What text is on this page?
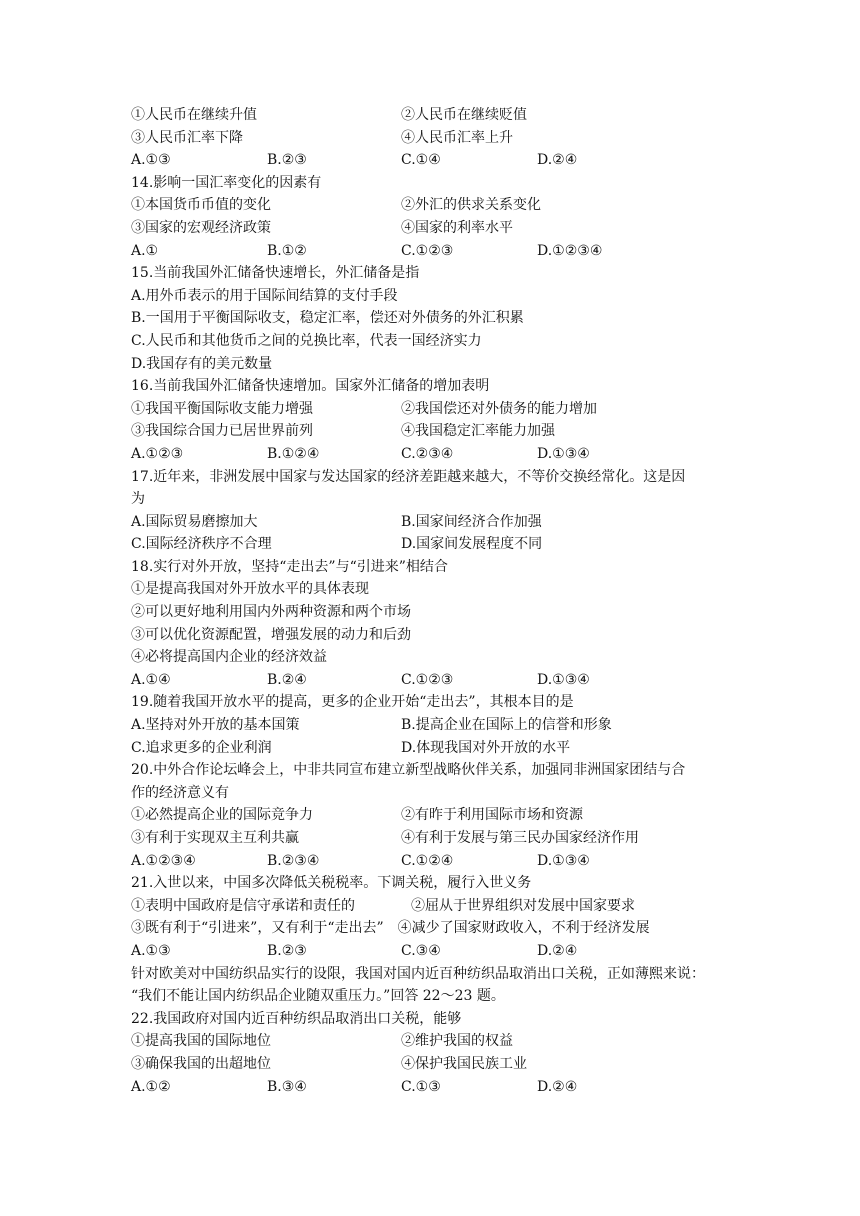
①人民币在继续升值	②人民币在继续贬值
③人民币汇率下降	④人民币汇率上升
A.①③	B.②③	C.①④	D.②④
14.影响一国汇率变化的因素有
①本国货币币值的变化	②外汇的供求关系变化
③国家的宏观经济政策	④国家的利率水平
A.①	B.①②	C.①②③	D.①②③④
15.当前我国外汇储备快速增长，外汇储备是指
A.用外币表示的用于国际间结算的支付手段
B.一国用于平衡国际收支，稳定汇率，偿还对外债务的外汇积累
C.人民币和其他货币之间的兑换比率，代表一国经济实力
D.我国存有的美元数量
16.当前我国外汇储备快速增加。国家外汇储备的增加表明
①我国平衡国际收支能力增强	②我国偿还对外债务的能力增加
③我国综合国力已居世界前列	④我国稳定汇率能力加强
A.①②③	B.①②④	C.②③④	D.①③④
17.近年来，非洲发展中国家与发达国家的经济差距越来越大，不等价交换经常化。这是因
为
A.国际贸易磨擦加大	B.国家间经济合作加强
C.国际经济秩序不合理	D.国家间发展程度不同
18.实行对外开放，坚持“走出去”与“引进来”相结合
①是提高我国对外开放水平的具体表现
②可以更好地利用国内外两种资源和两个市场
③可以优化资源配置，增强发展的动力和后劲
④必将提高国内企业的经济效益
A.①④	B.②④	C.①②③	D.①③④
19.随着我国开放水平的提高，更多的企业开始“走出去”，其根本目的是
A.坚持对外开放的基本国策	B.提高企业在国际上的信誉和形象
C.追求更多的企业利润	D.体现我国对外开放的水平
20.中外合作论坛峰会上，中非共同宣布建立新型战略伙伴关系，加强同非洲国家团结与合
作的经济意义有
①必然提高企业的国际竞争力	②有昨于利用国际市场和资源
③有利于实现双主互利共赢	④有利于发展与第三民办国家经济作用
A.①②③④	B.②③④	C.①②④	D.①③④
21.入世以来，中国多次降低关税税率。下调关税，履行入世义务
①表明中国政府是信守承诺和责任的　　　　②屈从于世界组织对发展中国家要求
③既有利于“引进来”，又有利于“走出去”　④减少了国家财政收入，不利于经济发展
A.①③	B.②③	C.③④	D.②④
针对欧美对中国纺织品实行的设限，我国对国内近百种纺织品取消出口关税，正如薄熙来说：
“我们不能让国内纺织品企业随双重压力。”回答 22～23 题。
22.我国政府对国内近百种纺织品取消出口关税，能够
①提高我国的国际地位	②维护我国的权益
③确保我国的出超地位	④保护我国民族工业
A.①②	B.③④	C.①③	D.②④
